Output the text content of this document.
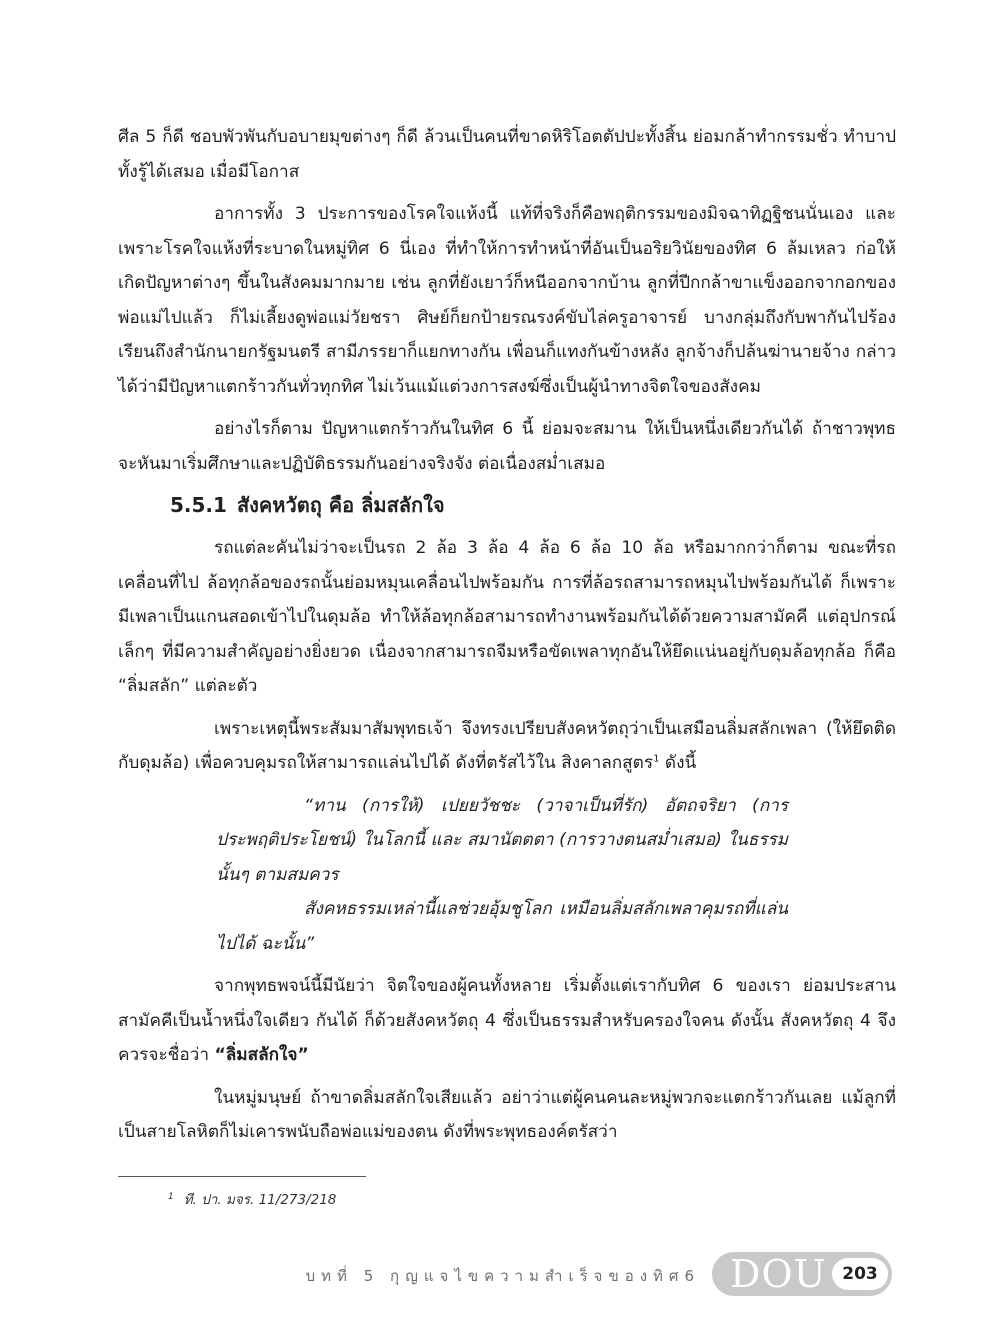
ศีล 5 ก็ดี ชอบพัวพันกับอบายมุขต่างๆ ก็ดี ล้วนเป็นคนที่ขาดหิริโอตตัปปะทั้งสิ้น ย่อมกล้าทำกรรมชั่ว ทำบาปทั้งรู้ได้เสมอ เมื่อมีโอกาส

อาการทั้ง 3 ประการของโรคใจแห้งนี้ แท้ที่จริงก็คือพฤติกรรมของมิจฉาทิฏฐิชนนั่นเอง และเพราะโรคใจแห้งที่ระบาดในหมู่ทิศ 6 นี่เอง ที่ทำให้การทำหน้าที่อันเป็นอริยวินัยของทิศ 6 ล้มเหลว ก่อให้เกิดปัญหาต่างๆ ขึ้นในสังคมมากมาย เช่น ลูกที่ยังเยาว์ก็หนีออกจากบ้าน ลูกที่ปีกกล้าขาแข็งออกจากอกของพ่อแม่ไปแล้ว ก็ไม่เลี้ยงดูพ่อแม่วัยชรา ศิษย์ก็ยกป้ายรณรงค์ขับไล่ครูอาจารย์ บางกลุ่มถึงกับพากันไปร้องเรียนถึงสำนักนายกรัฐมนตรี สามีภรรยาก็แยกทางกัน เพื่อนก็แทงกันข้างหลัง ลูกจ้างก็ปล้นฆ่านายจ้าง กล่าวได้ว่ามีปัญหาแตกร้าวกันทั่วทุกทิศ ไม่เว้นแม้แต่วงการสงฆ์ซึ่งเป็นผู้นำทางจิตใจของสังคม

อย่างไรก็ตาม ปัญหาแตกร้าวกันในทิศ 6 นี้ ย่อมจะสมาน ให้เป็นหนึ่งเดียวกันได้ ถ้าชาวพุทธจะหันมาเริ่มศึกษาและปฏิบัติธรรมกันอย่างจริงจัง ต่อเนื่องสม่ำเสมอ

5.5.1 สังคหวัตถุ คือ ลิ่มสลักใจ

รถแต่ละคันไม่ว่าจะเป็นรถ 2 ล้อ 3 ล้อ 4 ล้อ 6 ล้อ 10 ล้อ หรือมากกว่าก็ตาม ขณะที่รถเคลื่อนที่ไป ล้อทุกล้อของรถนั้นย่อมหมุนเคลื่อนไปพร้อมกัน การที่ล้อรถสามารถหมุนไปพร้อมกันได้ ก็เพราะมีเพลาเป็นแกนสอดเข้าไปในดุมล้อ ทำให้ล้อทุกล้อสามารถทำงานพร้อมกันได้ด้วยความสามัคคี แต่อุปกรณ์เล็กๆ ที่มีความสำคัญอย่างยิ่งยวด เนื่องจากสามารถจีมหรือขัดเพลาทุกอันให้ยึดแน่นอยู่กับดุมล้อทุกล้อ ก็คือ “ลิ่มสลัก” แต่ละตัว

เพราะเหตุนี้พระสัมมาสัมพุทธเจ้า จึงทรงเปรียบสังคหวัตถุว่าเป็นเสมือนลิ่มสลักเพลา (ให้ยึดติดกับดุมล้อ) เพื่อควบคุมรถให้สามารถแล่นไปได้ ดังที่ตรัสไว้ใน สิงคาลกสูตร$^1$ ดังนี้

“ทาน (การให้) เปยยวัชชะ (วาจาเป็นที่รัก) อัตถจริยา (การประพฤติประโยชน์) ในโลกนี้ และ สมานัตตตา (การวางตนสม่ำเสมอ) ในธรรมนั้นๆ ตามสมควร

สังคหธรรมเหล่านี้แลช่วยอุ้มชูโลก เหมือนลิ่มสลักเพลาคุมรถที่แล่นไปได้ ฉะนั้น”

จากพุทธพจน์นี้มีนัยว่า จิตใจของผู้คนทั้งหลาย เริ่มตั้งแต่เรากับทิศ 6 ของเรา ย่อมประสานสามัคคีเป็นน้ำหนึ่งใจเดียว กันได้ ก็ด้วยสังคหวัตถุ 4 ซึ่งเป็นธรรมสำหรับครองใจคน ดังนั้น สังคหวัตถุ 4 จึงควรจะชื่อว่า “ลิ่มสลักใจ”

ในหมู่มนุษย์ ถ้าขาดลิ่มสลักใจเสียแล้ว อย่าว่าแต่ผู้คนคนละหมู่พวกจะแตกร้าวกันเลย แม้ลูกที่เป็นสายโลหิตก็ไม่เคารพนับถือพ่อแม่ของตน ดังที่พระพุทธองค์ตรัสว่า

$^1$ ที. ปา. มจร. 11/273/218
บทที่ 5 กุญแจไขความสำเร็จของทิศ6 DOU 203
